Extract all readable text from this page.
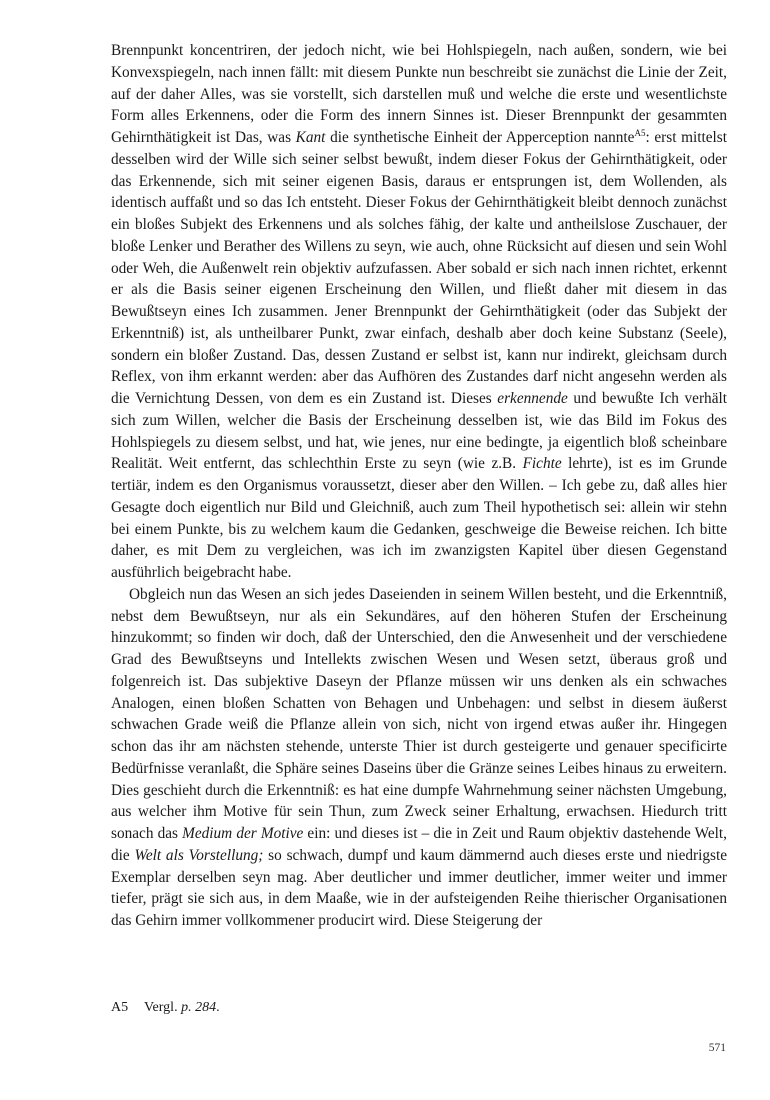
Brennpunkt koncentriren, der jedoch nicht, wie bei Hohlspiegeln, nach außen, sondern, wie bei Konvexspiegeln, nach innen fällt: mit diesem Punkte nun beschreibt sie zunächst die Linie der Zeit, auf der daher Alles, was sie vorstellt, sich darstellen muß und welche die erste und wesentlichste Form alles Erkennens, oder die Form des innern Sinnes ist. Dieser Brennpunkt der gesammten Gehirnthätigkeit ist Das, was Kant die synthetische Einheit der Apperception nannte$^{A5}$: erst mittelst desselben wird der Wille sich seiner selbst bewußt, indem dieser Fokus der Gehirnthätigkeit, oder das Erkennende, sich mit seiner eigenen Basis, daraus er entsprungen ist, dem Wollenden, als identisch auffaßt und so das Ich entsteht. Dieser Fokus der Gehirnthätigkeit bleibt dennoch zunächst ein bloßes Subjekt des Erkennens und als solches fähig, der kalte und antheilslose Zuschauer, der bloße Lenker und Berather des Willens zu seyn, wie auch, ohne Rücksicht auf diesen und sein Wohl oder Weh, die Außenwelt rein objektiv aufzufassen. Aber sobald er sich nach innen richtet, erkennt er als die Basis seiner eigenen Erscheinung den Willen, und fließt daher mit diesem in das Bewußtseyn eines Ich zusammen. Jener Brennpunkt der Gehirnthätigkeit (oder das Subjekt der Erkenntniß) ist, als untheilbarer Punkt, zwar einfach, deshalb aber doch keine Substanz (Seele), sondern ein bloßer Zustand. Das, dessen Zustand er selbst ist, kann nur indirekt, gleichsam durch Reflex, von ihm erkannt werden: aber das Aufhören des Zustandes darf nicht angesehn werden als die Vernichtung Dessen, von dem es ein Zustand ist. Dieses erkennende und bewußte Ich verhält sich zum Willen, welcher die Basis der Erscheinung desselben ist, wie das Bild im Fokus des Hohlspiegels zu diesem selbst, und hat, wie jenes, nur eine bedingte, ja eigentlich bloß scheinbare Realität. Weit entfernt, das schlechthin Erste zu seyn (wie z.B. Fichte lehrte), ist es im Grunde tertiär, indem es den Organismus voraussetzt, dieser aber den Willen. – Ich gebe zu, daß alles hier Gesagte doch eigentlich nur Bild und Gleichniß, auch zum Theil hypothetisch sei: allein wir stehn bei einem Punkte, bis zu welchem kaum die Gedanken, geschweige die Beweise reichen. Ich bitte daher, es mit Dem zu vergleichen, was ich im zwanzigsten Kapitel über diesen Gegenstand ausführlich beigebracht habe.

Obgleich nun das Wesen an sich jedes Daseienden in seinem Willen besteht, und die Erkenntniß, nebst dem Bewußtseyn, nur als ein Sekundäres, auf den höheren Stufen der Erscheinung hinzukommt; so finden wir doch, daß der Unterschied, den die Anwesenheit und der verschiedene Grad des Bewußtseyns und Intellekts zwischen Wesen und Wesen setzt, überaus groß und folgenreich ist. Das subjektive Daseyn der Pflanze müssen wir uns denken als ein schwaches Analogen, einen bloßen Schatten von Behagen und Unbehagen: und selbst in diesem äußerst schwachen Grade weiß die Pflanze allein von sich, nicht von irgend etwas außer ihr. Hingegen schon das ihr am nächsten stehende, unterste Thier ist durch gesteigerte und genauer specificirte Bedürfnisse veranlaßt, die Sphäre seines Daseins über die Gränze seines Leibes hinaus zu erweitern. Dies geschieht durch die Erkenntniß: es hat eine dumpfe Wahrnehmung seiner nächsten Umgebung, aus welcher ihm Motive für sein Thun, zum Zweck seiner Erhaltung, erwachsen. Hiedurch tritt sonach das Medium der Motive ein: und dieses ist – die in Zeit und Raum objektiv dastehende Welt, die Welt als Vorstellung; so schwach, dumpf und kaum dämmernd auch dieses erste und niedrigste Exemplar derselben seyn mag. Aber deutlicher und immer deutlicher, immer weiter und immer tiefer, prägt sie sich aus, in dem Maaße, wie in der aufsteigenden Reihe thierischer Organisationen das Gehirn immer vollkommener producirt wird. Diese Steigerung der

A5 Vergl. p. 284.
571
